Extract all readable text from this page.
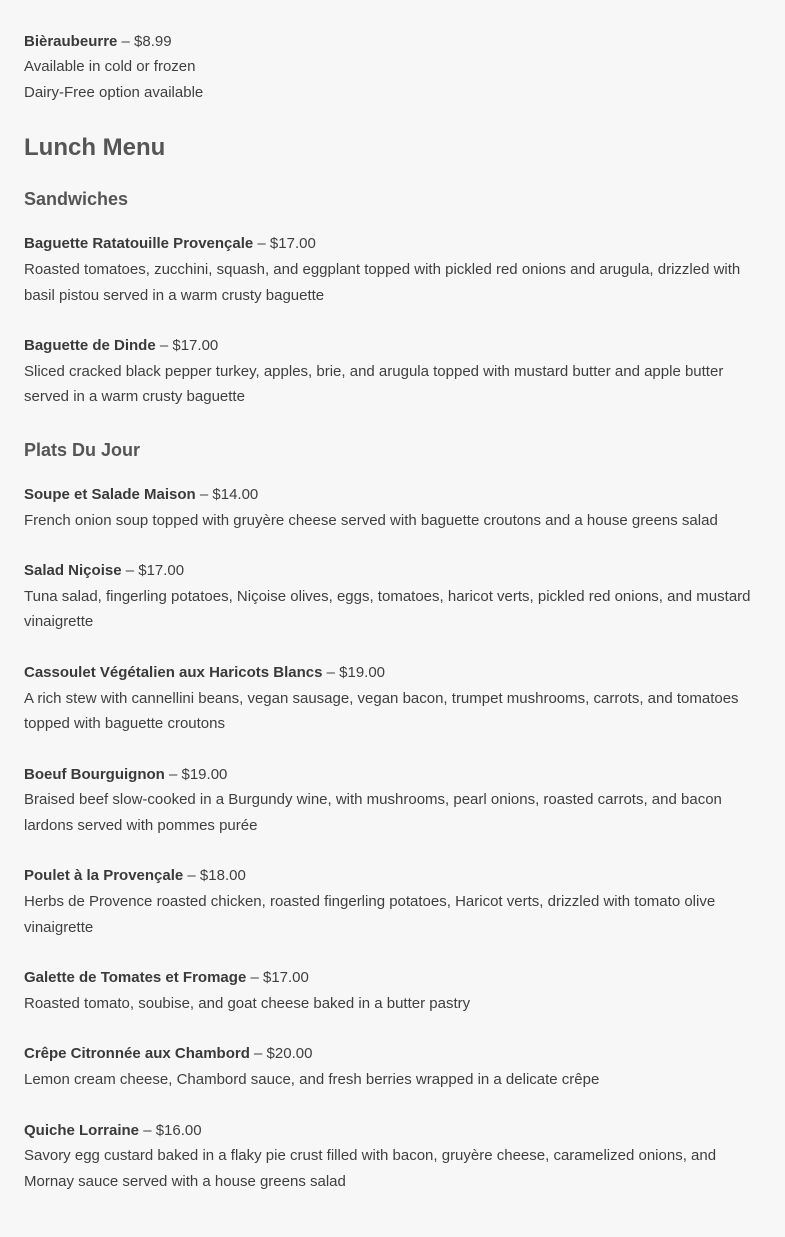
Bièraubeurre – $8.99

Available in cold or frozen

Dairy-Free option available

Lunch Menu
Sandwiches

Baguette Ratatouille Provençale – $17.00

Roasted tomatoes, zucchini, squash, and eggplant topped with pickled red onions and arugula, drizzled with basil pistou served in a warm crusty baguette

Baguette de Dinde – $17.00

Sliced cracked black pepper turkey, apples, brie, and arugula topped with mustard butter and apple butter served in a warm crusty baguette

Plats Du Jour

Soupe et Salade Maison – $14.00

French onion soup topped with gruyère cheese served with baguette croutons and a house greens salad

Salad Niçoise – $17.00

Tuna salad, fingerling potatoes, Niçoise olives, eggs, tomatoes, haricot verts, pickled red onions, and mustard vinaigrette

Cassoulet Végétalien aux Haricots Blancs – $19.00

A rich stew with cannellini beans, vegan sausage, vegan bacon, trumpet mushrooms, carrots, and tomatoes topped with baguette croutons

Boeuf Bourguignon – $19.00

Braised beef slow-cooked in a Burgundy wine, with mushrooms, pearl onions, roasted carrots, and bacon lardons served with pommes purée

Poulet à la Provençale – $18.00

Herbs de Provence roasted chicken, roasted fingerling potatoes, Haricot verts, drizzled with tomato olive vinaigrette

Galette de Tomates et Fromage – $17.00

Roasted tomato, soubise, and goat cheese baked in a butter pastry

Crêpe Citronnée aux Chambord – $20.00

Lemon cream cheese, Chambord sauce, and fresh berries wrapped in a delicate crêpe

Quiche Lorraine – $16.00

Savory egg custard baked in a flaky pie crust filled with bacon, gruyère cheese, caramelized onions, and Mornay sauce served with a house greens salad
